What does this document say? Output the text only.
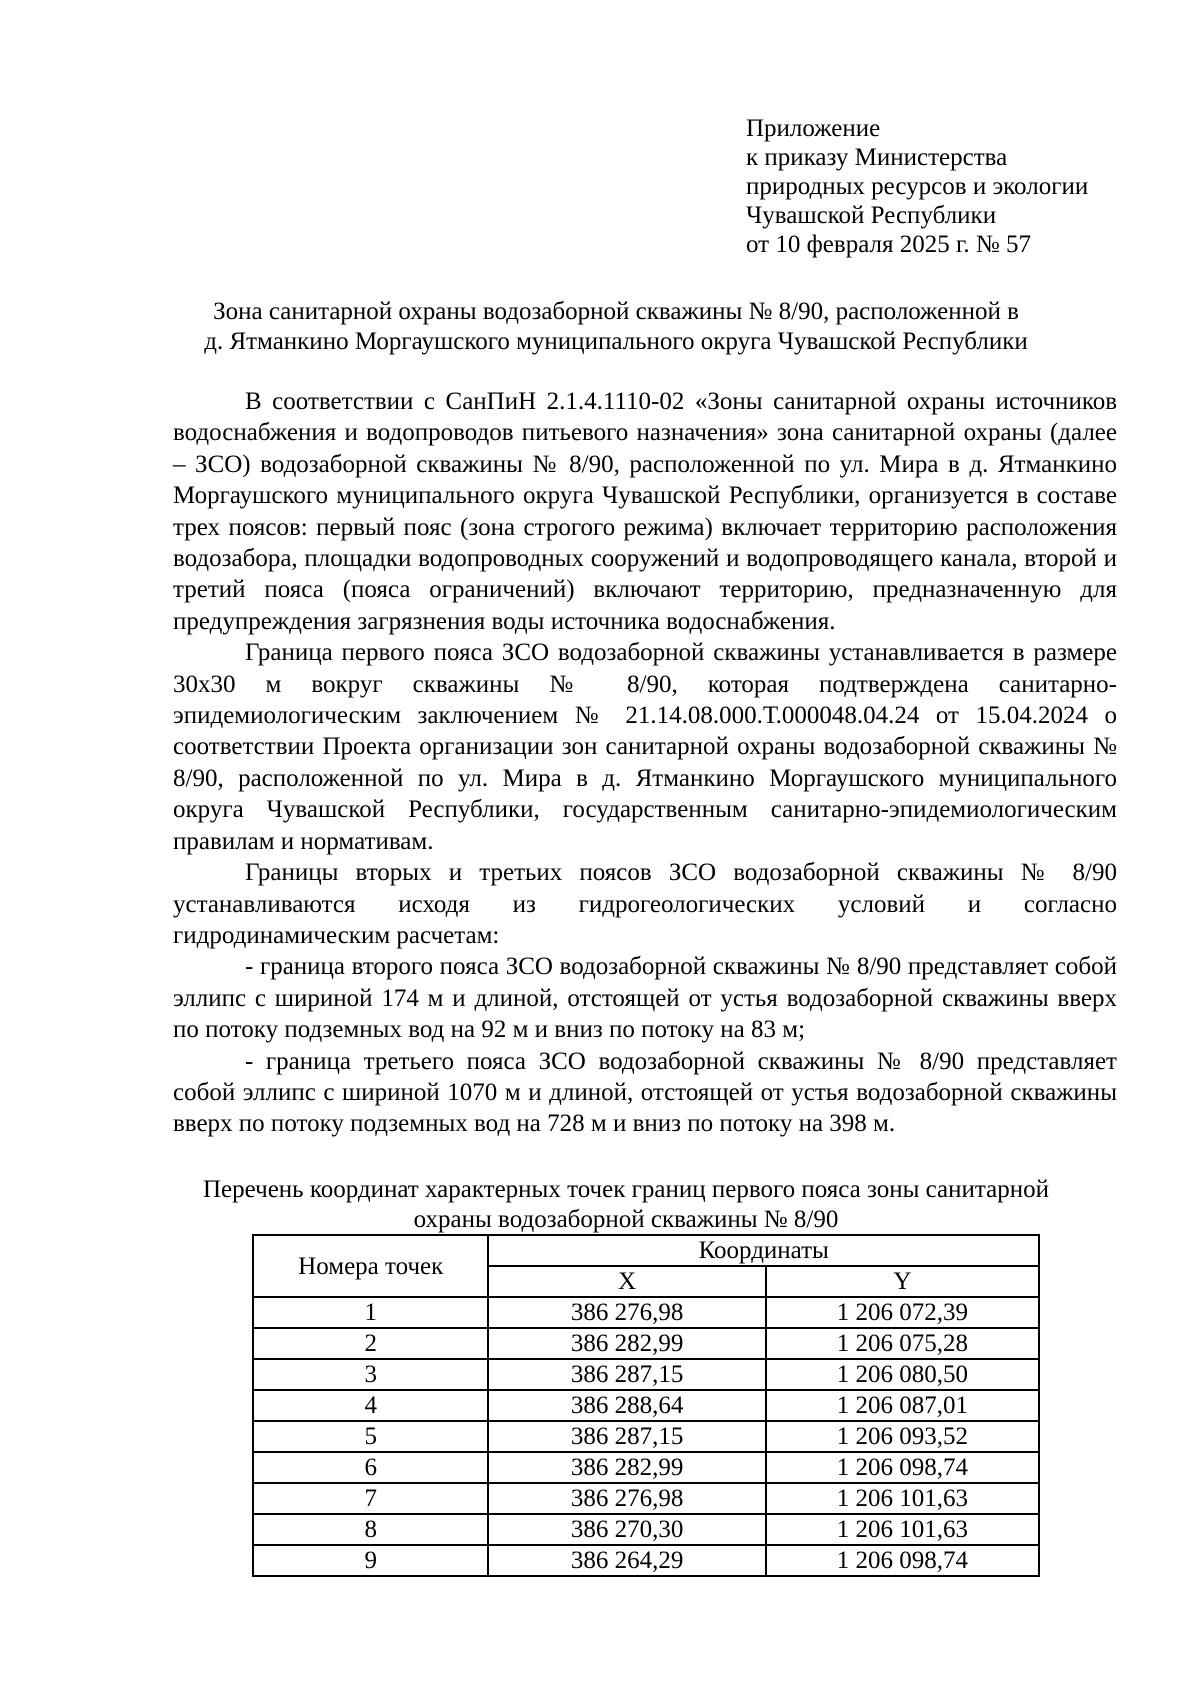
Приложение
к приказу Министерства
природных ресурсов и экологии
Чувашской Республики
от 10 февраля 2025 г. № 57
Зона санитарной охраны водозаборной скважины № 8/90, расположенной в
д. Ятманкино Моргаушского муниципального округа Чувашской Республики

В соответствии с СанПиН 2.1.4.1110-02 «Зоны санитарной охраны источников водоснабжения и водопроводов питьевого назначения» зона санитарной охраны (далее – ЗСО) водозаборной скважины № 8/90, расположенной по ул. Мира в д. Ятманкино Моргаушского муниципального округа Чувашской Республики, организуется в составе трех поясов: первый пояс (зона строгого режима) включает территорию расположения водозабора, площадки водопроводных сооружений и водопроводящего канала, второй и третий пояса (пояса ограничений) включают территорию, предназначенную для предупреждения загрязнения воды источника водоснабжения.

Граница первого пояса ЗСО водозаборной скважины устанавливается в размере 30х30 м вокруг скважины № 8/90, которая подтверждена санитарно-эпидемиологическим заключением № 21.14.08.000.Т.000048.04.24 от 15.04.2024 о соответствии Проекта организации зон санитарной охраны водозаборной скважины № 8/90, расположенной по ул. Мира в д. Ятманкино Моргаушского муниципального округа Чувашской Республики, государственным санитарно-эпидемиологическим правилам и нормативам.

Границы вторых и третьих поясов ЗСО водозаборной скважины № 8/90 устанавливаются исходя из гидрогеологических условий и согласно гидродинамическим расчетам:

- граница второго пояса ЗСО водозаборной скважины № 8/90 представляет собой эллипс с шириной 174 м и длиной, отстоящей от устья водозаборной скважины вверх по потоку подземных вод на 92 м и вниз по потоку на 83 м;

- граница третьего пояса ЗСО водозаборной скважины № 8/90 представляет собой эллипс с шириной 1070 м и длиной, отстоящей от устья водозаборной скважины вверх по потоку подземных вод на 728 м и вниз по потоку на 398 м.

Перечень координат характерных точек границ первого пояса зоны санитарной
охраны водозаборной скважины № 8/90
Номера точек	Координаты	
	X	Y
1	386 276,98	1 206 072,39
2	386 282,99	1 206 075,28
3	386 287,15	1 206 080,50
4	386 288,64	1 206 087,01
5	386 287,15	1 206 093,52
6	386 282,99	1 206 098,74
7	386 276,98	1 206 101,63
8	386 270,30	1 206 101,63
9	386 264,29	1 206 098,74
